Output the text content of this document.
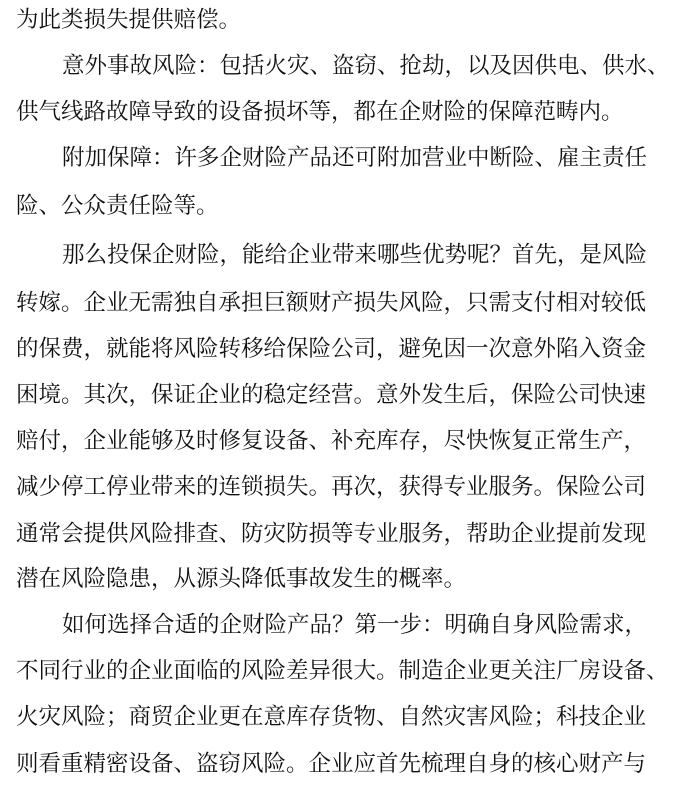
为此类损失提供赔偿。
意外事故风险：包括火灾、盗窃、抢劫，以及因供电、供水、
供气线路故障导致的设备损坏等，都在企财险的保障范畴内。
附加保障：许多企财险产品还可附加营业中断险、雇主责任
险、公众责任险等。
那么投保企财险，能给企业带来哪些优势呢？首先，是风险
转嫁。企业无需独自承担巨额财产损失风险，只需支付相对较低
的保费，就能将风险转移给保险公司，避免因一次意外陷入资金
困境。其次，保证企业的稳定经营。意外发生后，保险公司快速
赔付，企业能够及时修复设备、补充库存，尽快恢复正常生产，
减少停工停业带来的连锁损失。再次，获得专业服务。保险公司
通常会提供风险排查、防灾防损等专业服务，帮助企业提前发现
潜在风险隐患，从源头降低事故发生的概率。
如何选择合适的企财险产品？第一步：明确自身风险需求，
不同行业的企业面临的风险差异很大。制造企业更关注厂房设备、
火灾风险；商贸企业更在意库存货物、自然灾害风险；科技企业
则看重精密设备、盗窃风险。企业应首先梳理自身的核心财产与
